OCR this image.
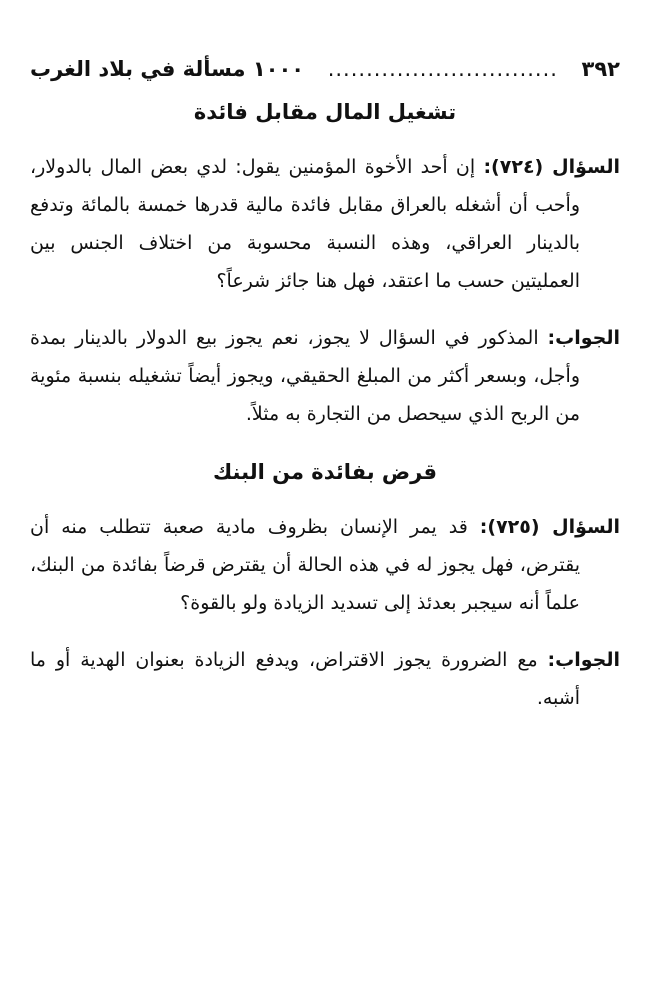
٣٩٢
..............................
١٠٠٠ مسألة في بلاد الغرب
تشغيل المال مقابل فائدة

السؤال (٧٢٤): إن أحد الأخوة المؤمنين يقول: لدي بعض المال بالدولار، وأحب أن أشغله بالعراق مقابل فائدة مالية قدرها خمسة بالمائة وتدفع بالدينار العراقي، وهذه النسبة محسوبة من اختلاف الجنس بين العمليتين حسب ما اعتقد، فهل هنا جائز شرعاً؟

الجواب: المذكور في السؤال لا يجوز، نعم يجوز بيع الدولار بالدينار بمدة وأجل، وبسعر أكثر من المبلغ الحقيقي، ويجوز أيضاً تشغيله بنسبة مئوية من الربح الذي سيحصل من التجارة به مثلاً.

قرض بفائدة من البنك

السؤال (٧٢٥): قد يمر الإنسان بظروف مادية صعبة تتطلب منه أن يقترض، فهل يجوز له في هذه الحالة أن يقترض قرضاً بفائدة من البنك، علماً أنه سيجبر بعدئذ إلى تسديد الزيادة ولو بالقوة؟

الجواب: مع الضرورة يجوز الاقتراض، ويدفع الزيادة بعنوان الهدية أو ما أشبه.
